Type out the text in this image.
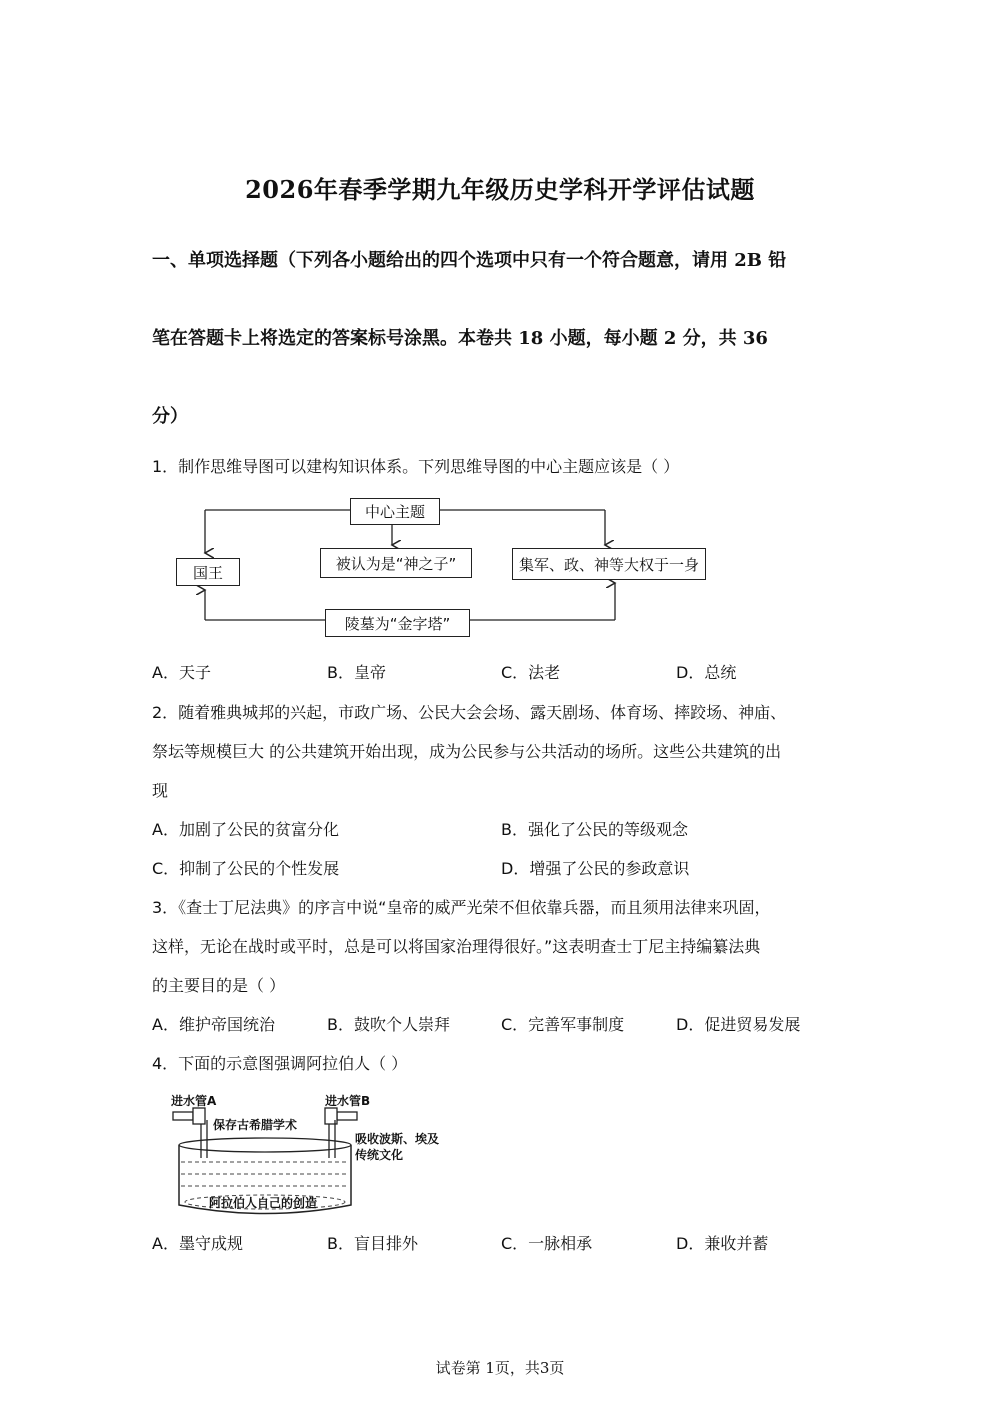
2026年春季学期九年级历史学科开学评估试题
一、单项选择题（下列各小题给出的四个选项中只有一个符合题意，请用 2B 铅
笔在答题卡上将选定的答案标号涂黑。本卷共 18 小题，每小题 2 分，共 36
分）
1．制作思维导图可以建构知识体系。下列思维导图的中心主题应该是（ ）
中心主题
国王	被认为是“神之子”	集军、政、神等大权于一身
陵墓为“金字塔”
A．天子	B．皇帝	C．法老	D．总统
2．随着雅典城邦的兴起，市政广场、公民大会会场、露天剧场、体育场、摔跤场、神庙、
祭坛等规模巨大 的公共建筑开始出现，成为公民参与公共活动的场所。这些公共建筑的出
现
A．加剧了公民的贫富分化	B．强化了公民的等级观念
C．抑制了公民的个性发展	D．增强了公民的参政意识
3．《查士丁尼法典》的序言中说“皇帝的威严光荣不但依靠兵器，而且须用法律来巩固，
这样，无论在战时或平时，总是可以将国家治理得很好。”这表明查士丁尼主持编纂法典
的主要目的是（ ）
A．维护帝国统治	B．鼓吹个人崇拜	C．完善军事制度	D．促进贸易发展
4．下面的示意图强调阿拉伯人（ ）
进水管A	进水管B
保存古希腊学术
吸收波斯、埃及
传统文化
阿拉伯人自己的创造
A．墨守成规	B．盲目排外	C．一脉相承	D．兼收并蓄
试卷第 1页，共3页
